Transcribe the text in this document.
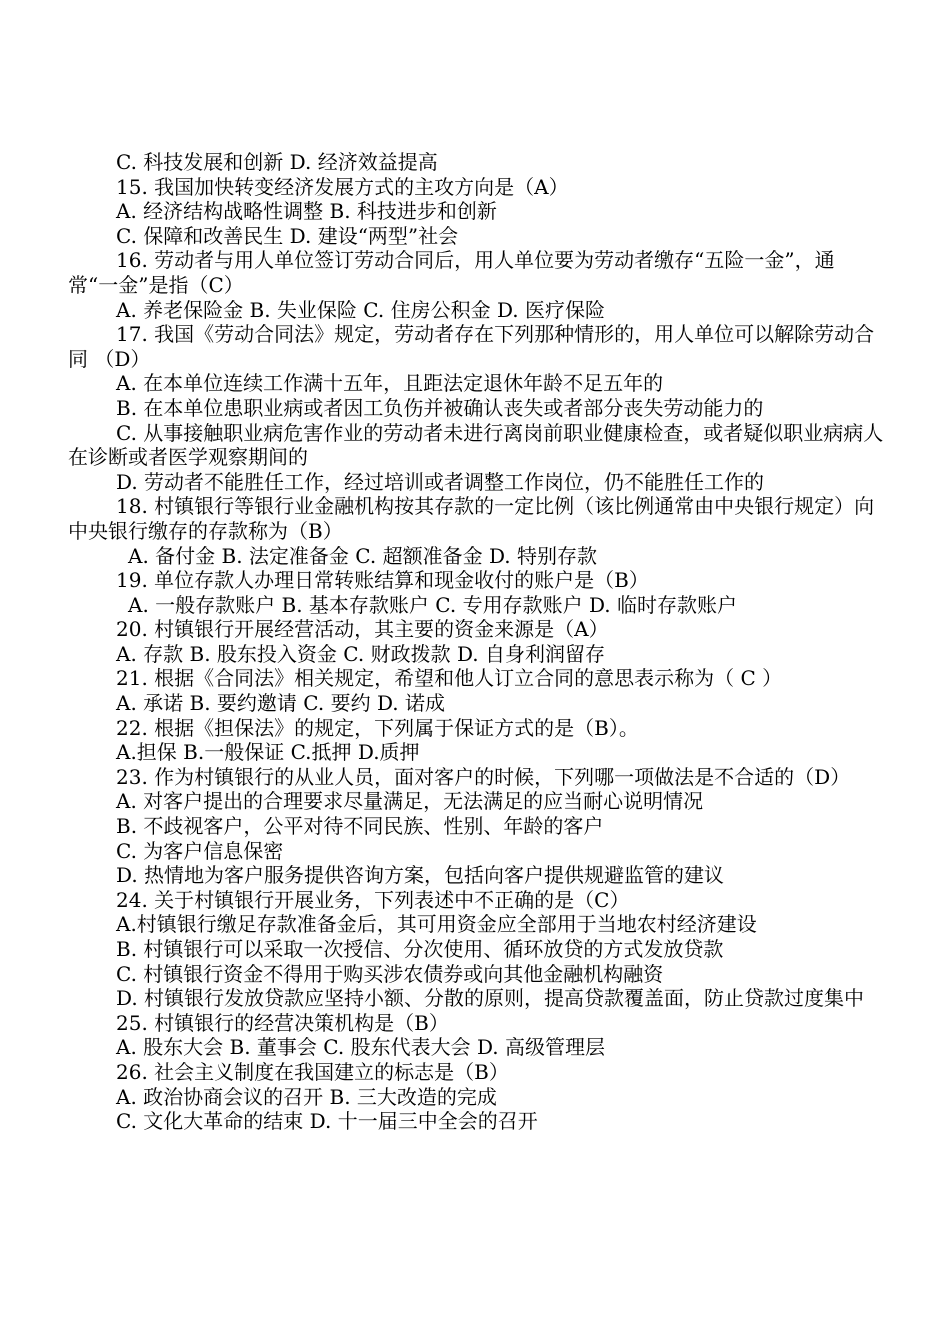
C. 科技发展和创新 D. 经济效益提高
15. 我国加快转变经济发展方式的主攻方向是（A）
A. 经济结构战略性调整 B. 科技进步和创新
C. 保障和改善民生 D. 建设“两型”社会
16. 劳动者与用人单位签订劳动合同后，用人单位要为劳动者缴存“五险一金”，通常“一金”是指（C）
A. 养老保险金 B. 失业保险 C. 住房公积金 D. 医疗保险
17. 我国《劳动合同法》规定，劳动者存在下列那种情形的，用人单位可以解除劳动合同 （D）
A. 在本单位连续工作满十五年，且距法定退休年龄不足五年的
B. 在本单位患职业病或者因工负伤并被确认丧失或者部分丧失劳动能力的
C. 从事接触职业病危害作业的劳动者未进行离岗前职业健康检查，或者疑似职业病病人在诊断或者医学观察期间的
D. 劳动者不能胜任工作，经过培训或者调整工作岗位，仍不能胜任工作的
18. 村镇银行等银行业金融机构按其存款的一定比例（该比例通常由中央银行规定）向中央银行缴存的存款称为（B）
A. 备付金 B. 法定准备金 C. 超额准备金 D. 特别存款
19. 单位存款人办理日常转账结算和现金收付的账户是（B）
A. 一般存款账户 B. 基本存款账户 C. 专用存款账户 D. 临时存款账户
20. 村镇银行开展经营活动，其主要的资金来源是（A）
A. 存款 B. 股东投入资金 C. 财政拨款 D. 自身利润留存
21. 根据《合同法》相关规定，希望和他人订立合同的意思表示称为（ C ）
A. 承诺 B. 要约邀请 C. 要约 D. 诺成
22. 根据《担保法》的规定，下列属于保证方式的是（B）。
A.担保 B.一般保证 C.抵押 D.质押
23. 作为村镇银行的从业人员，面对客户的时候，下列哪一项做法是不合适的（D）
A. 对客户提出的合理要求尽量满足，无法满足的应当耐心说明情况
B. 不歧视客户，公平对待不同民族、性别、年龄的客户
C. 为客户信息保密
D. 热情地为客户服务提供咨询方案，包括向客户提供规避监管的建议
24. 关于村镇银行开展业务，下列表述中不正确的是（C）
A.村镇银行缴足存款准备金后，其可用资金应全部用于当地农村经济建设
B. 村镇银行可以采取一次授信、分次使用、循环放贷的方式发放贷款
C. 村镇银行资金不得用于购买涉农债券或向其他金融机构融资
D. 村镇银行发放贷款应坚持小额、分散的原则，提高贷款覆盖面，防止贷款过度集中
25. 村镇银行的经营决策机构是（B）
A. 股东大会 B. 董事会 C. 股东代表大会 D. 高级管理层
26. 社会主义制度在我国建立的标志是（B）
A. 政治协商会议的召开 B. 三大改造的完成
C. 文化大革命的结束 D. 十一届三中全会的召开
